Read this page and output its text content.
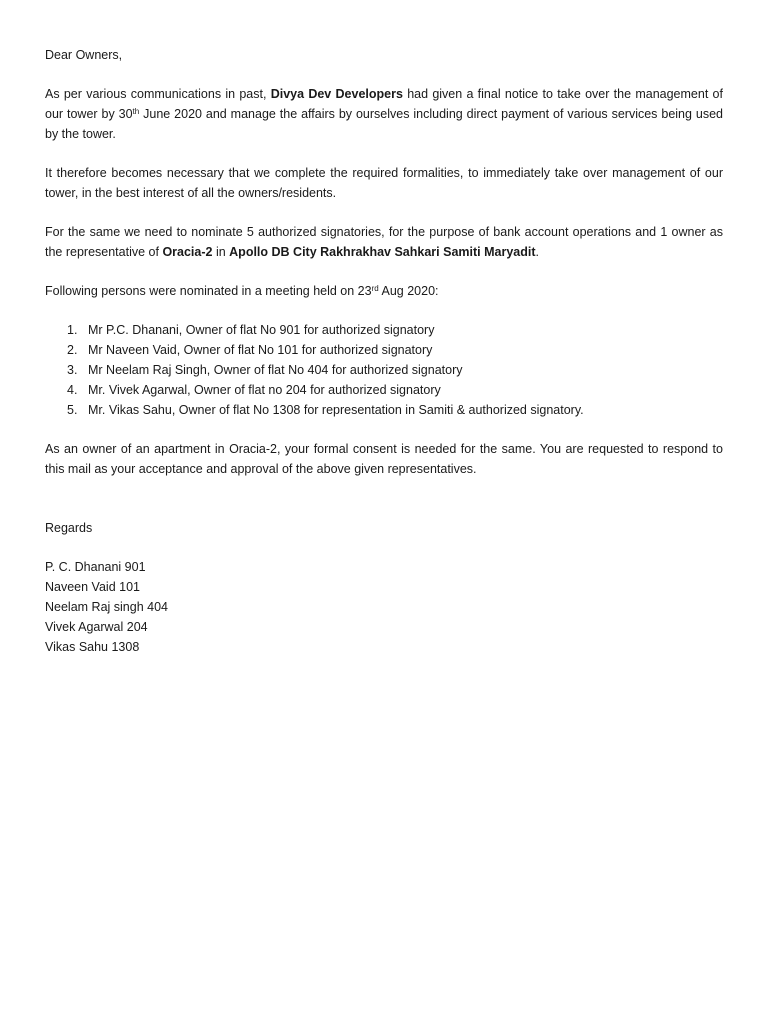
Dear Owners,

As per various communications in past, Divya Dev Developers had given a final notice to take over the management of our tower by 30th June 2020 and manage the affairs by ourselves including direct payment of various services being used by the tower.

It therefore becomes necessary that we complete the required formalities, to immediately take over management of our tower, in the best interest of all the owners/residents.

For the same we need to nominate 5 authorized signatories, for the purpose of bank account operations and 1 owner as the representative of Oracia-2 in Apollo DB City Rakhrakhav Sahkari Samiti Maryadit.

Following persons were nominated in a meeting held on 23rd Aug 2020:

1. Mr P.C. Dhanani, Owner of flat No 901 for authorized signatory
2. Mr Naveen Vaid, Owner of flat No 101 for authorized signatory
3. Mr Neelam Raj Singh, Owner of flat No 404 for authorized signatory
4. Mr. Vivek Agarwal, Owner of flat no 204 for authorized signatory
5. Mr. Vikas Sahu, Owner of flat No 1308 for representation in Samiti & authorized signatory.

As an owner of an apartment in Oracia-2, your formal consent is needed for the same. You are requested to respond to this mail as your acceptance and approval of the above given representatives.

Regards

P. C. Dhanani 901
Naveen Vaid 101
Neelam Raj singh 404
Vivek Agarwal 204
Vikas Sahu 1308
